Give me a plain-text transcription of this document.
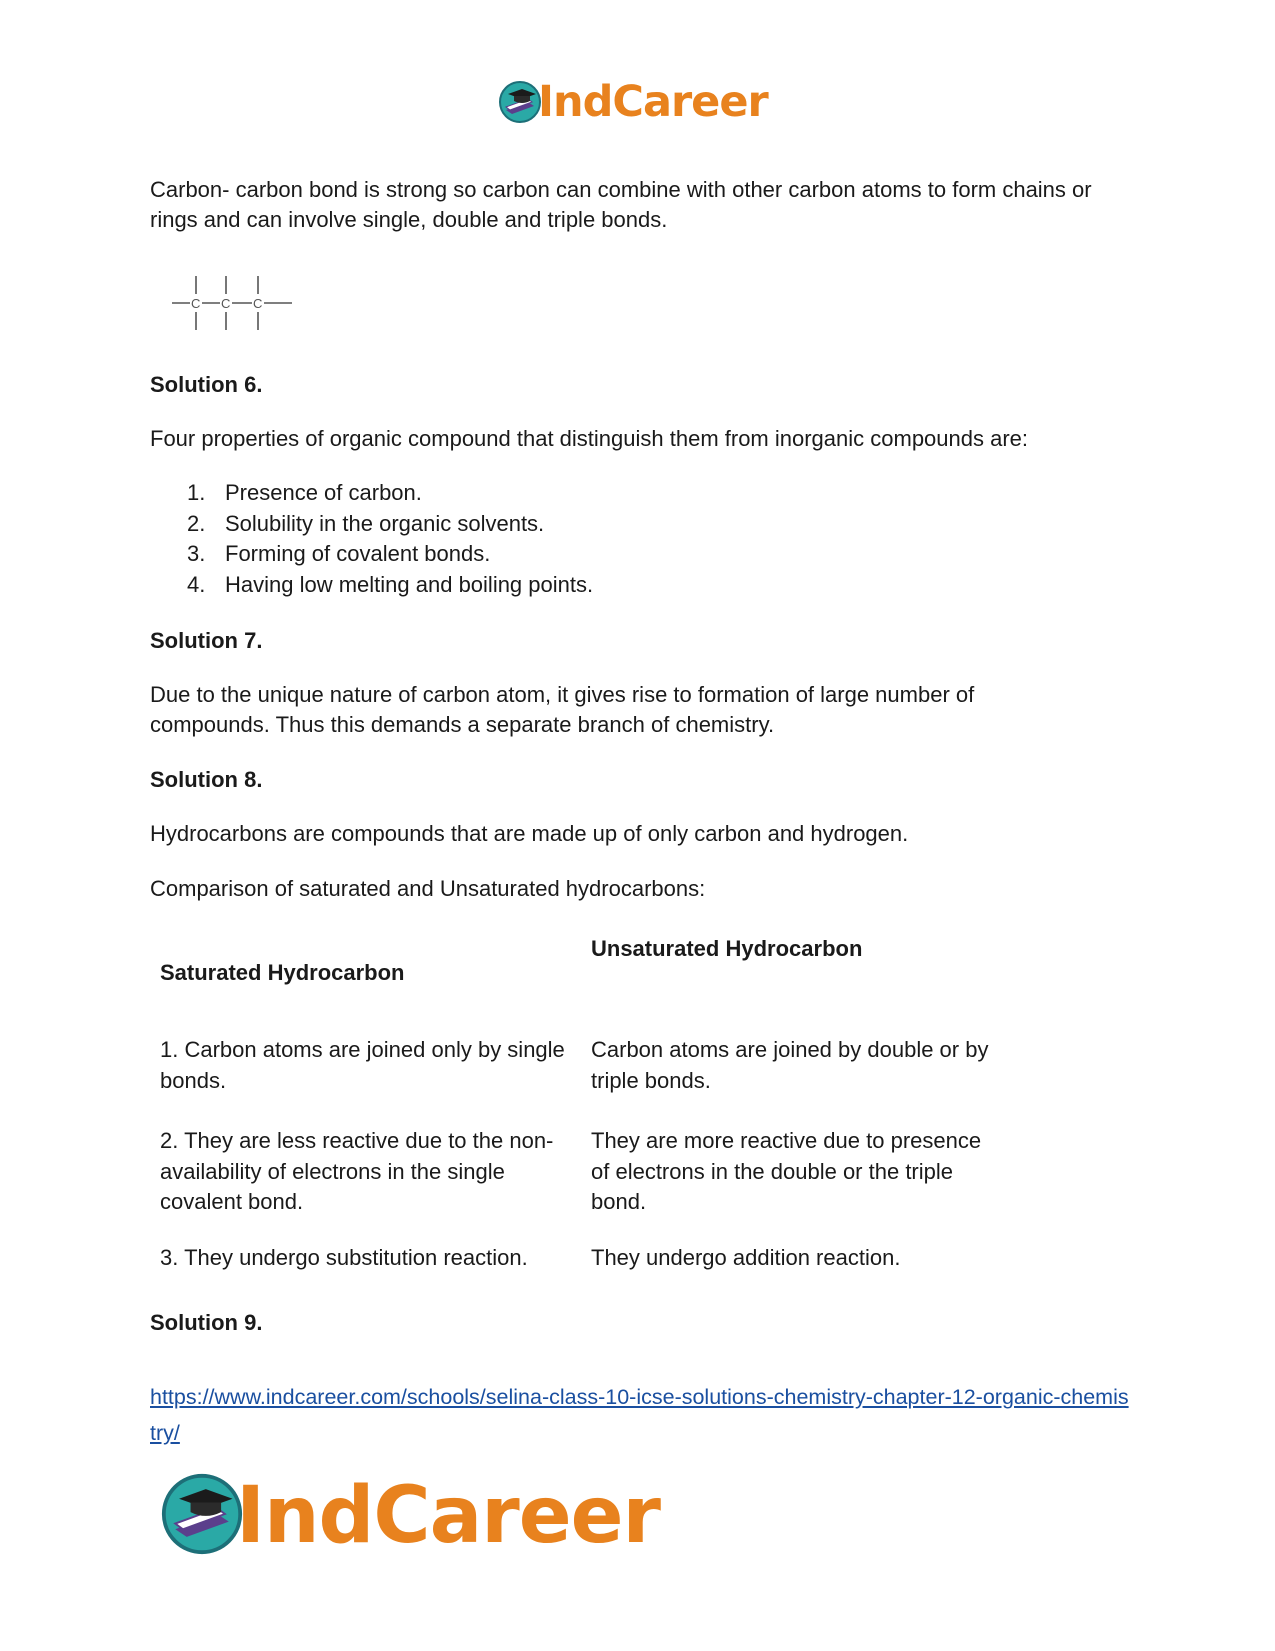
IndCareer
Carbon- carbon bond is strong so carbon can combine with other carbon atoms to form chains or rings and can involve single, double and triple bonds.
C C C
Solution 6.
Four properties of organic compound that distinguish them from inorganic compounds are:
1. Presence of carbon.
2. Solubility in the organic solvents.
3. Forming of covalent bonds.
4. Having low melting and boiling points.
Solution 7.
Due to the unique nature of carbon atom, it gives rise to formation of large number of compounds. Thus this demands a separate branch of chemistry.
Solution 8.
Hydrocarbons are compounds that are made up of only carbon and hydrogen.
Comparison of saturated and Unsaturated hydrocarbons:
Saturated Hydrocarbon
Unsaturated Hydrocarbon
1. Carbon atoms are joined only by single bonds.
Carbon atoms are joined by double or by triple bonds.
2. They are less reactive due to the non-availability of electrons in the single covalent bond.
They are more reactive due to presence of electrons in the double or the triple bond.
3. They undergo substitution reaction.	They undergo addition reaction.
Solution 9.
https://www.indcareer.com/schools/selina-class-10-icse-solutions-chemistry-chapter-12-organic-chemistry/
IndCareer
